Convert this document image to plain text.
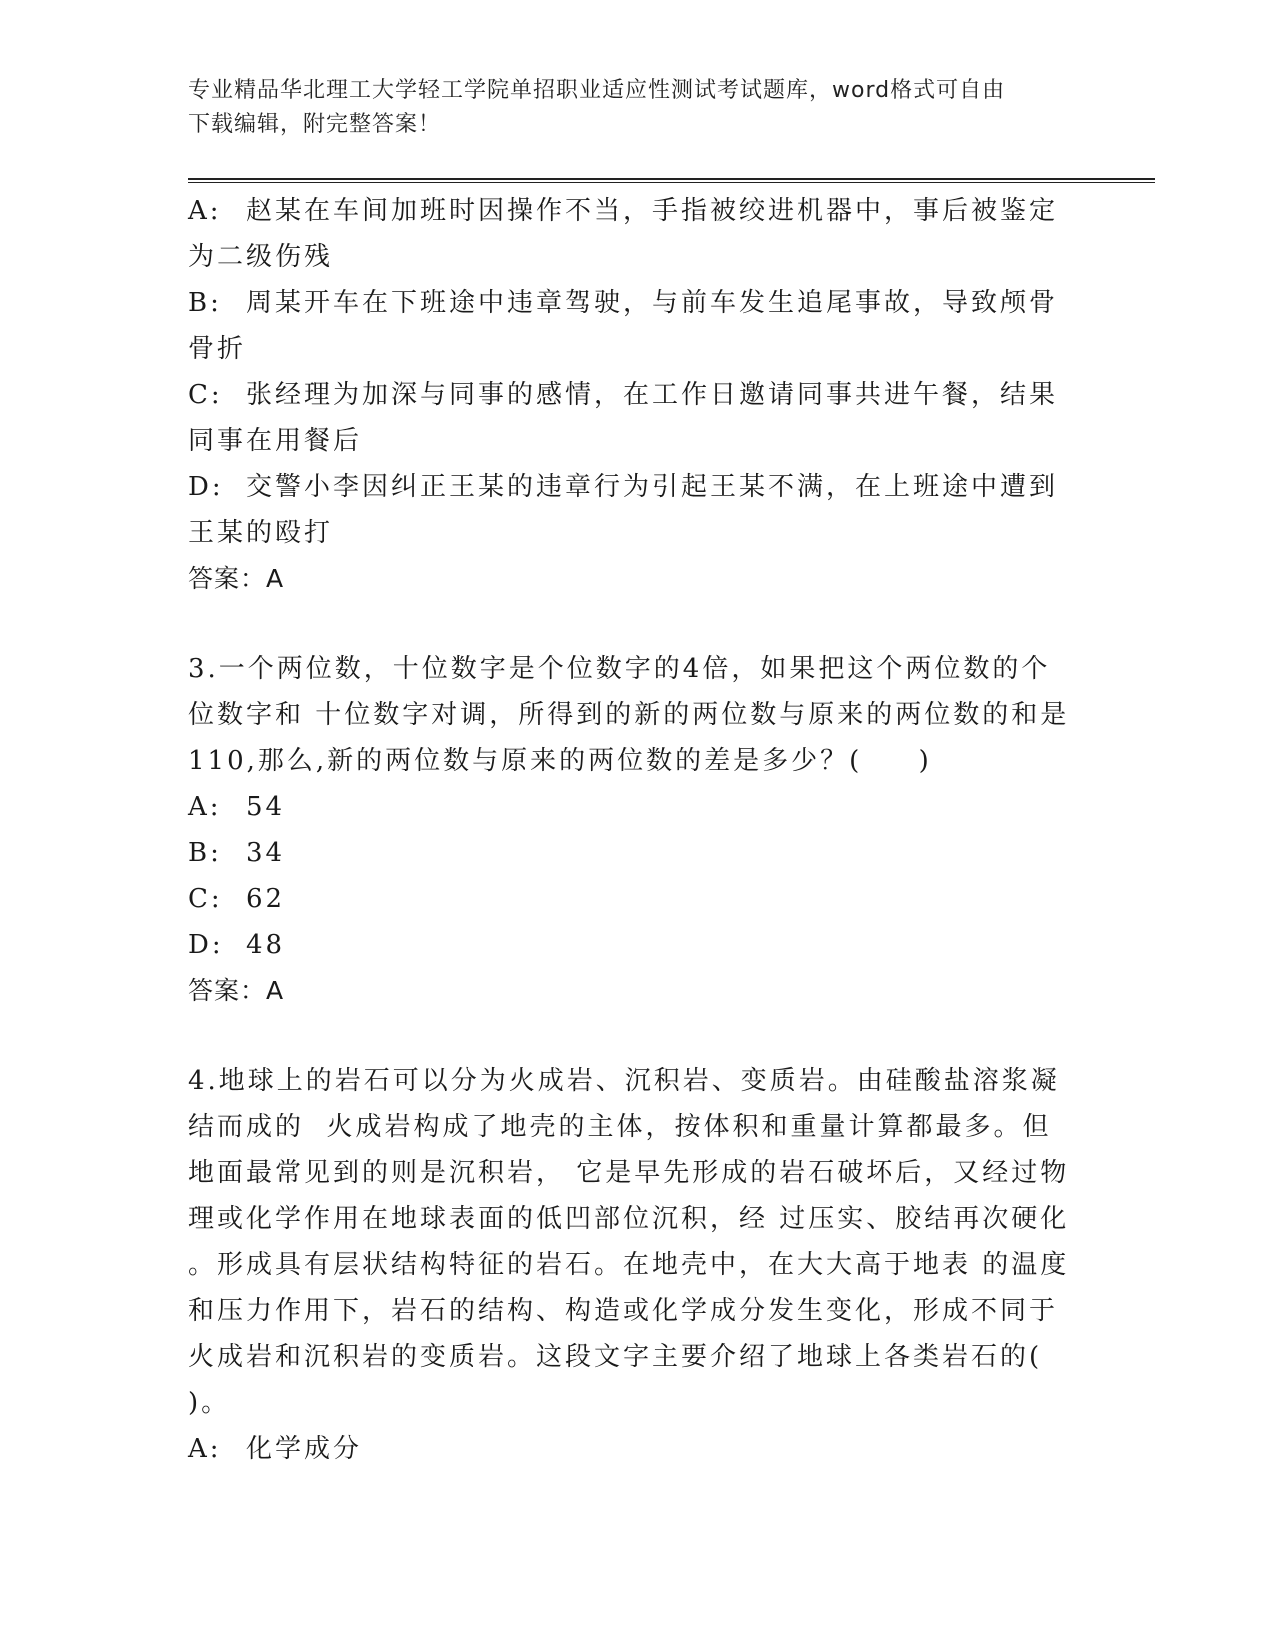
专业精品华北理工大学轻工学院单招职业适应性测试考试题库，word格式可自由
下载编辑，附完整答案！
A: 赵某在车间加班时因操作不当，手指被绞进机器中，事后被鉴定
为二级伤残
B: 周某开车在下班途中违章驾驶，与前车发生追尾事故，导致颅骨
骨折
C: 张经理为加深与同事的感情，在工作日邀请同事共进午餐，结果
同事在用餐后
D: 交警小李因纠正王某的违章行为引起王某不满，在上班途中遭到
王某的殴打
答案：A
3.一个两位数，十位数字是个位数字的4倍，如果把这个两位数的个
位数字和 十位数字对调，所得到的新的两位数与原来的两位数的和是
110,那么,新的两位数与原来的两位数的差是多少？(     )
A: 54
B: 34
C: 62
D: 48
答案：A
4.地球上的岩石可以分为火成岩、沉积岩、变质岩。由硅酸盐溶浆凝
结而成的  火成岩构成了地壳的主体，按体积和重量计算都最多。但
地面最常见到的则是沉积岩， 它是早先形成的岩石破坏后，又经过物
理或化学作用在地球表面的低凹部位沉积，经 过压实、胶结再次硬化
。形成具有层状结构特征的岩石。在地壳中，在大大高于地表 的温度
和压力作用下，岩石的结构、构造或化学成分发生变化，形成不同于
火成岩和沉积岩的变质岩。这段文字主要介绍了地球上各类岩石的(
)。
A: 化学成分
